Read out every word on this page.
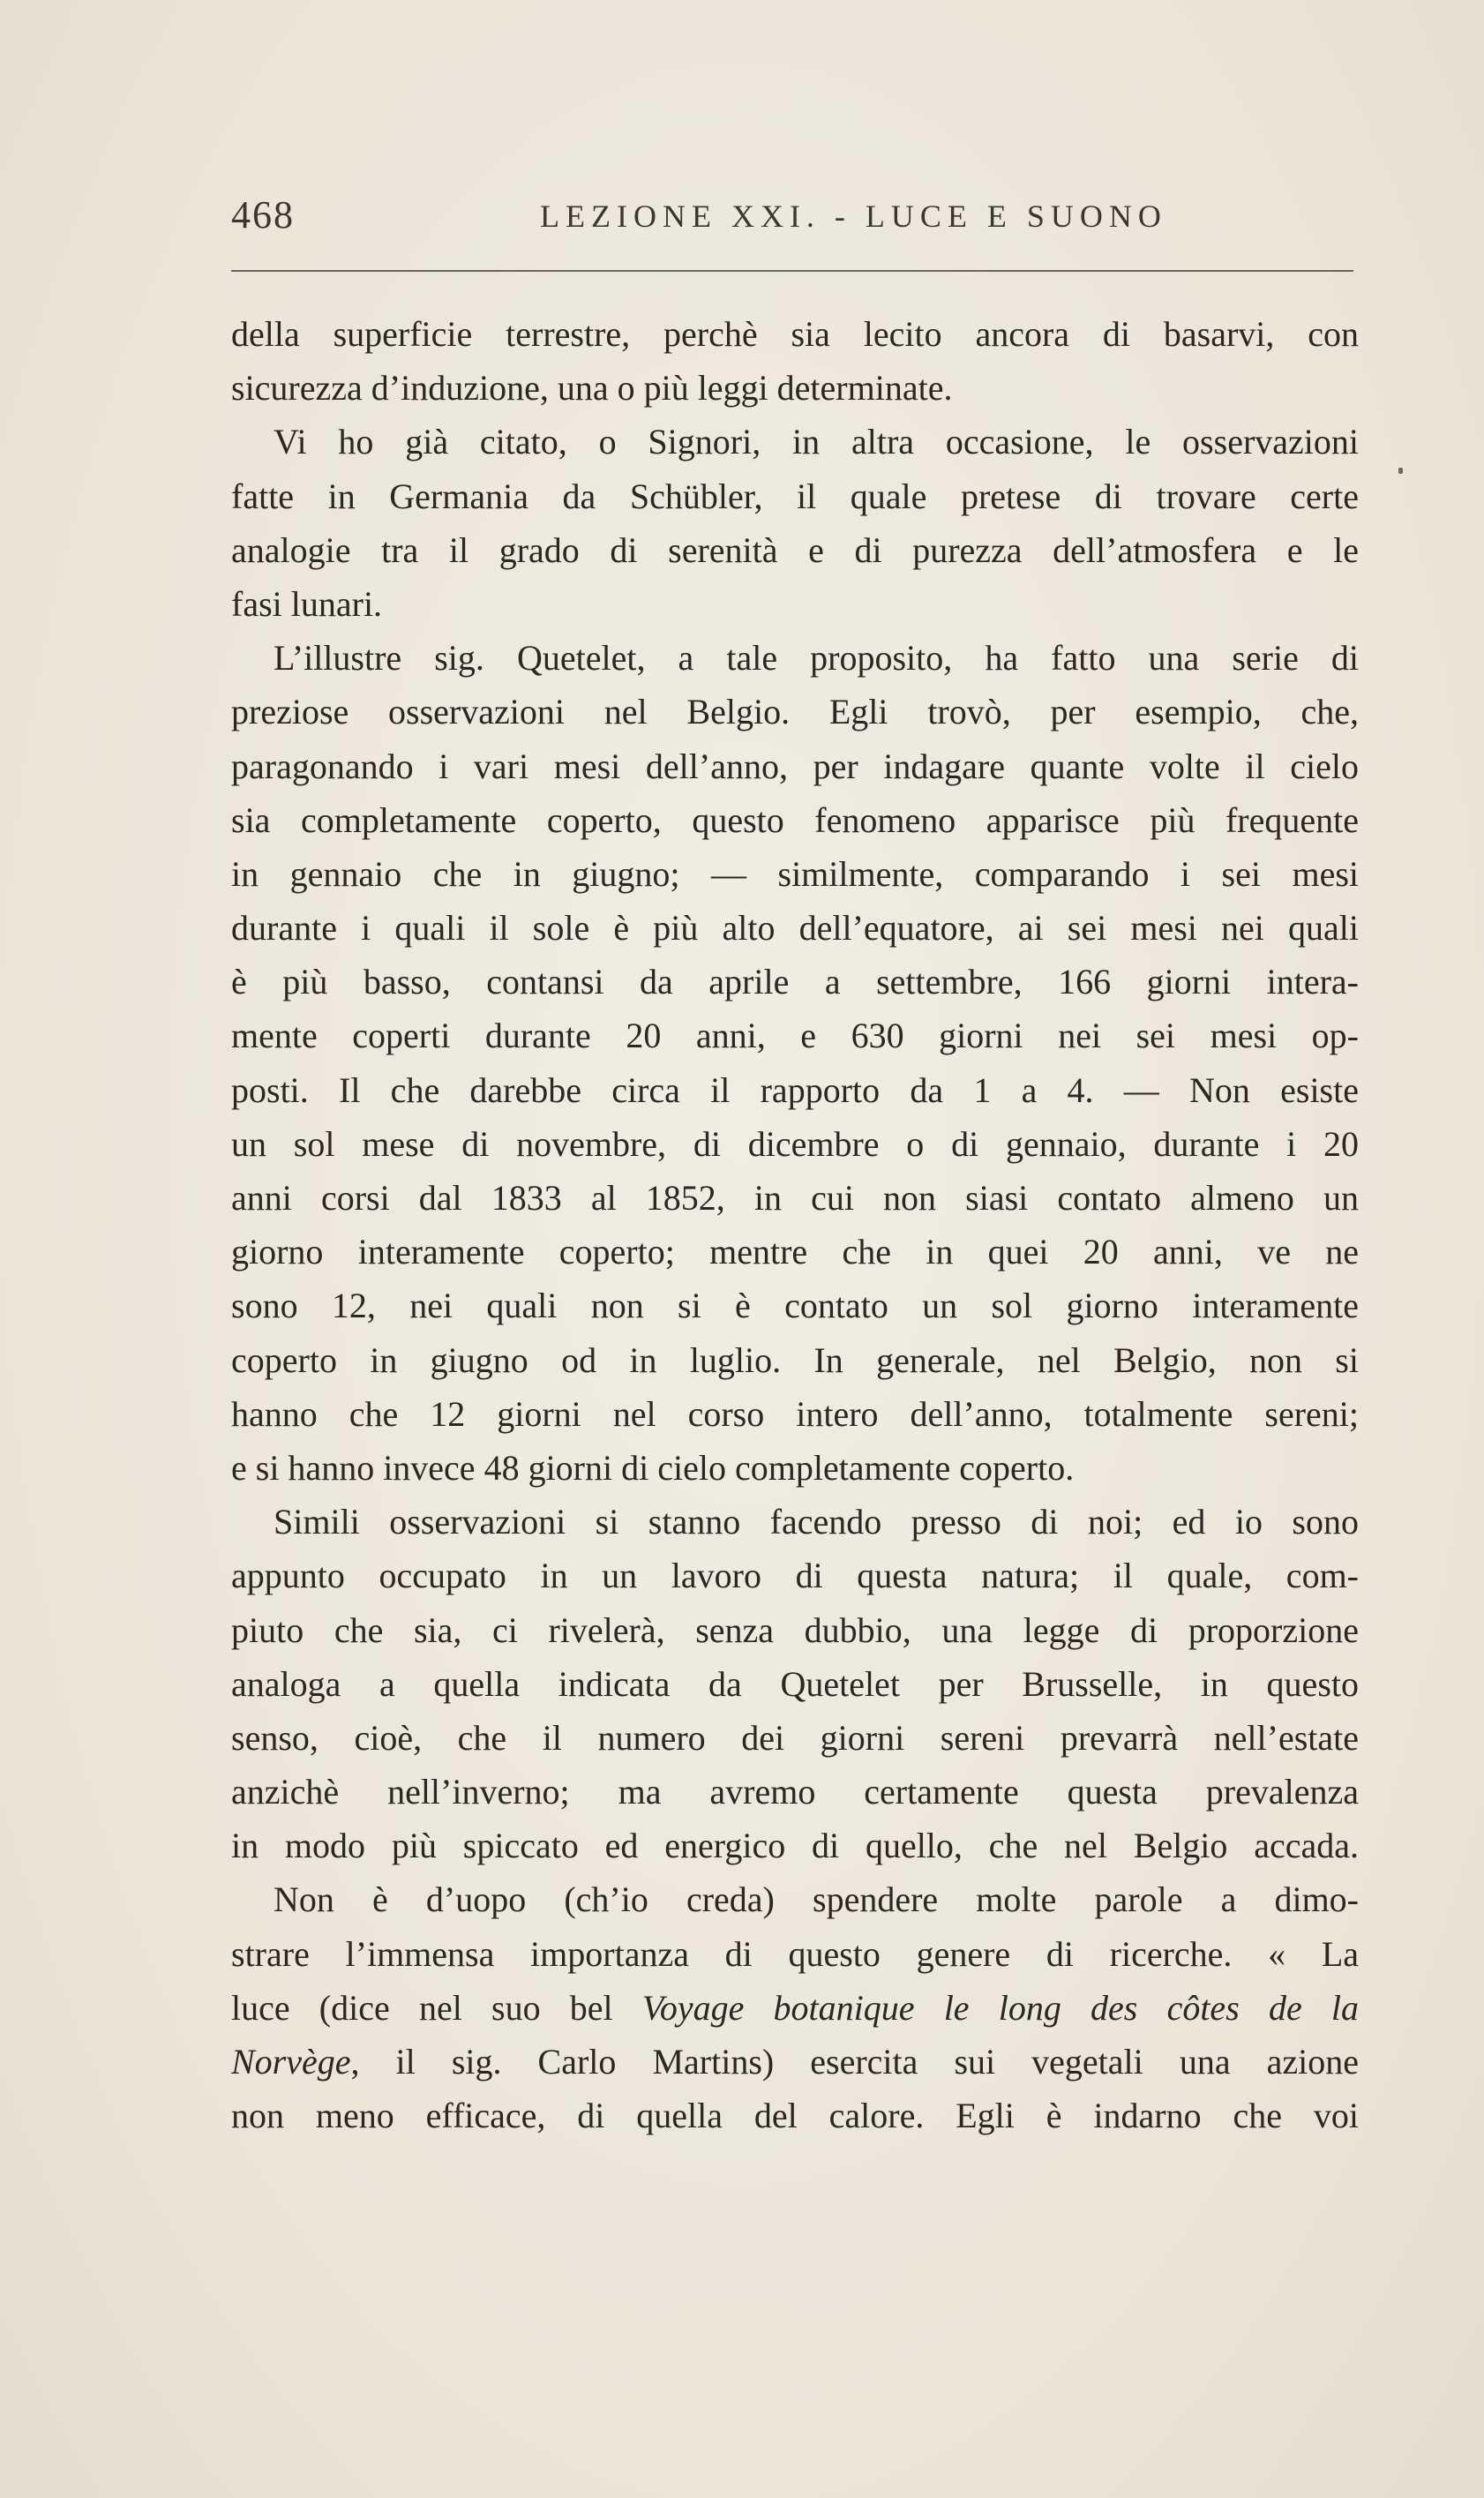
468	LEZIONE XXI. - LUCE E SUONO
della superficie terrestre, perchè sia lecito ancora di basarvi, con
sicurezza d’induzione, una o più leggi determinate.
Vi ho già citato, o Signori, in altra occasione, le osservazioni
fatte in Germania da Schübler, il quale pretese di trovare certe
analogie tra il grado di serenità e di purezza dell’atmosfera e le
fasi lunari.
L’illustre sig. Quetelet, a tale proposito, ha fatto una serie di
preziose osservazioni nel Belgio. Egli trovò, per esempio, che,
paragonando i vari mesi dell’anno, per indagare quante volte il cielo
sia completamente coperto, questo fenomeno apparisce più frequente
in gennaio che in giugno; — similmente, comparando i sei mesi
durante i quali il sole è più alto dell’equatore, ai sei mesi nei quali
è più basso, contansi da aprile a settembre, 166 giorni intera-
mente coperti durante 20 anni, e 630 giorni nei sei mesi op-
posti. Il che darebbe circa il rapporto da 1 a 4. — Non esiste
un sol mese di novembre, di dicembre o di gennaio, durante i 20
anni corsi dal 1833 al 1852, in cui non siasi contato almeno un
giorno interamente coperto; mentre che in quei 20 anni, ve ne
sono 12, nei quali non si è contato un sol giorno interamente
coperto in giugno od in luglio. In generale, nel Belgio, non si
hanno che 12 giorni nel corso intero dell’anno, totalmente sereni;
e si hanno invece 48 giorni di cielo completamente coperto.
Simili osservazioni si stanno facendo presso di noi; ed io sono
appunto occupato in un lavoro di questa natura; il quale, com-
piuto che sia, ci rivelerà, senza dubbio, una legge di proporzione
analoga a quella indicata da Quetelet per Brusselle, in questo
senso, cioè, che il numero dei giorni sereni prevarrà nell’estate
anzichè nell’inverno; ma avremo certamente questa prevalenza
in modo più spiccato ed energico di quello, che nel Belgio accada.
Non è d’uopo (ch’io creda) spendere molte parole a dimo-
strare l’immensa importanza di questo genere di ricerche. « La
luce (dice nel suo bel Voyage botanique le long des côtes de la
Norvège, il sig. Carlo Martins) esercita sui vegetali una azione
non meno efficace, di quella del calore. Egli è indarno che voi
